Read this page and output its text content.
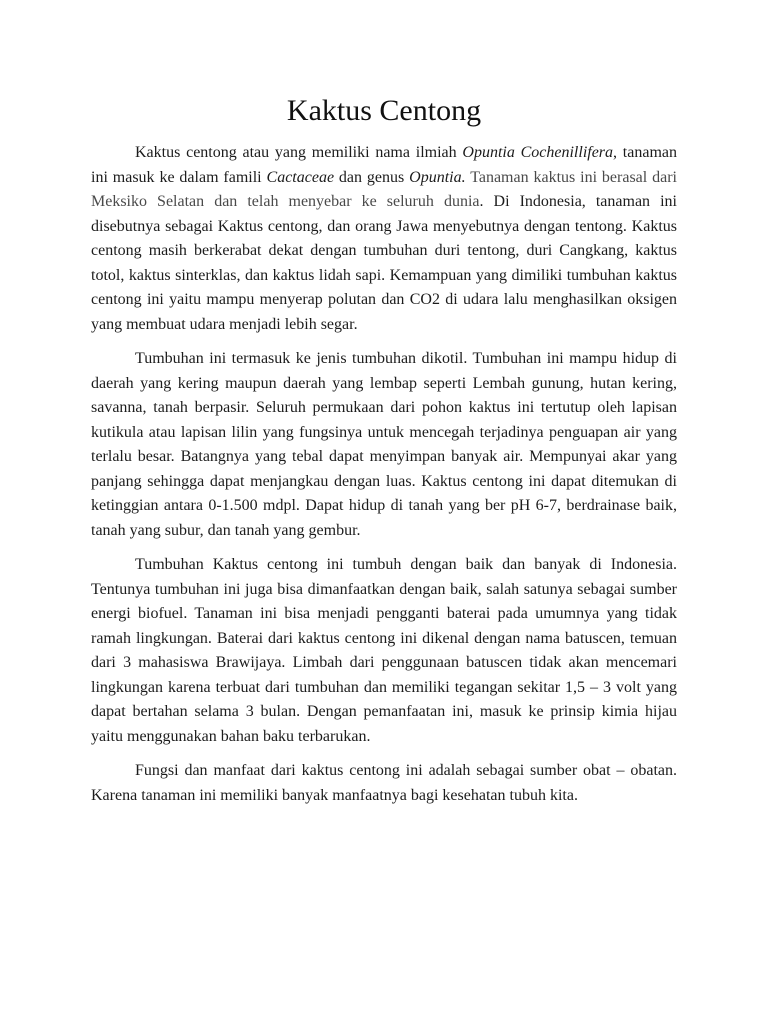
Kaktus Centong

Kaktus centong atau yang memiliki nama ilmiah Opuntia Cochenillifera, tanaman ini masuk ke dalam famili Cactaceae dan genus Opuntia. Tanaman kaktus ini berasal dari Meksiko Selatan dan telah menyebar ke seluruh dunia. Di Indonesia, tanaman ini disebutnya sebagai Kaktus centong, dan orang Jawa menyebutnya dengan tentong. Kaktus centong masih berkerabat dekat dengan tumbuhan duri tentong, duri Cangkang, kaktus totol, kaktus sinterklas, dan kaktus lidah sapi. Kemampuan yang dimiliki tumbuhan kaktus centong ini yaitu mampu menyerap polutan dan CO2 di udara lalu menghasilkan oksigen yang membuat udara menjadi lebih segar.

Tumbuhan ini termasuk ke jenis tumbuhan dikotil. Tumbuhan ini mampu hidup di daerah yang kering maupun daerah yang lembap seperti Lembah gunung, hutan kering, savanna, tanah berpasir. Seluruh permukaan dari pohon kaktus ini tertutup oleh lapisan kutikula atau lapisan lilin yang fungsinya untuk mencegah terjadinya penguapan air yang terlalu besar. Batangnya yang tebal dapat menyimpan banyak air. Mempunyai akar yang panjang sehingga dapat menjangkau dengan luas. Kaktus centong ini dapat ditemukan di ketinggian antara 0-1.500 mdpl. Dapat hidup di tanah yang ber pH 6-7, berdrainase baik, tanah yang subur, dan tanah yang gembur.

Tumbuhan Kaktus centong ini tumbuh dengan baik dan banyak di Indonesia. Tentunya tumbuhan ini juga bisa dimanfaatkan dengan baik, salah satunya sebagai sumber energi biofuel. Tanaman ini bisa menjadi pengganti baterai pada umumnya yang tidak ramah lingkungan. Baterai dari kaktus centong ini dikenal dengan nama batuscen, temuan dari 3 mahasiswa Brawijaya. Limbah dari penggunaan batuscen tidak akan mencemari lingkungan karena terbuat dari tumbuhan dan memiliki tegangan sekitar 1,5 – 3 volt yang dapat bertahan selama 3 bulan. Dengan pemanfaatan ini, masuk ke prinsip kimia hijau yaitu menggunakan bahan baku terbarukan.

Fungsi dan manfaat dari kaktus centong ini adalah sebagai sumber obat – obatan. Karena tanaman ini memiliki banyak manfaatnya bagi kesehatan tubuh kita.
